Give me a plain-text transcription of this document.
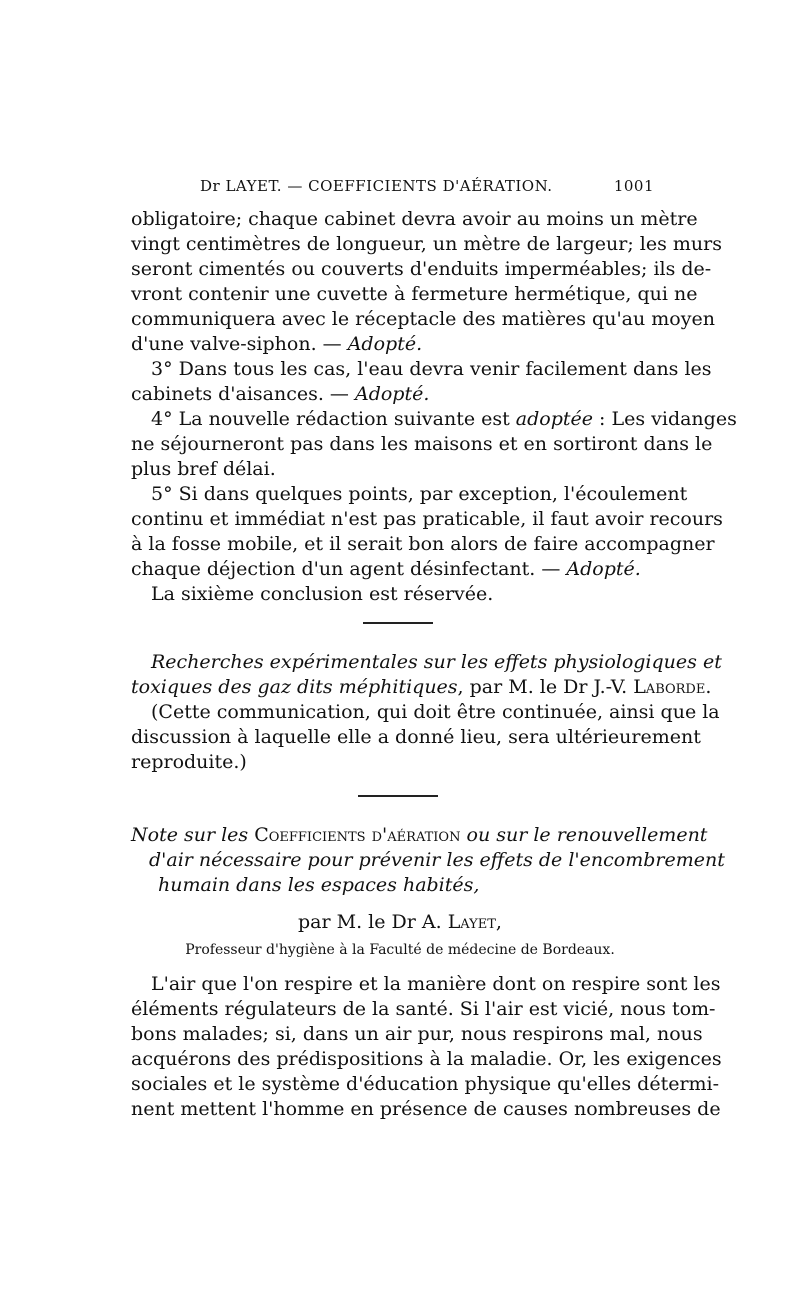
Dr LAYET. — COEFFICIENTS D'AÉRATION.	1001
obligatoire; chaque cabinet devra avoir au moins un mètre
vingt centimètres de longueur, un mètre de largeur; les murs
seront cimentés ou couverts d'enduits imperméables; ils de-
vront contenir une cuvette à fermeture hermétique, qui ne
communiquera avec le réceptacle des matières qu'au moyen
d'une valve-siphon. — Adopté.
3° Dans tous les cas, l'eau devra venir facilement dans les
cabinets d'aisances. — Adopté.
4° La nouvelle rédaction suivante est adoptée : Les vidanges
ne séjourneront pas dans les maisons et en sortiront dans le
plus bref délai.
5° Si dans quelques points, par exception, l'écoulement
continu et immédiat n'est pas praticable, il faut avoir recours
à la fosse mobile, et il serait bon alors de faire accompagner
chaque déjection d'un agent désinfectant. — Adopté.
La sixième conclusion est réservée.
Recherches expérimentales sur les effets physiologiques et
toxiques des gaz dits méphitiques, par M. le Dr J.-V. Laborde.
(Cette communication, qui doit être continuée, ainsi que la
discussion à laquelle elle a donné lieu, sera ultérieurement
reproduite.)
Note sur les Coefficients d'aération ou sur le renouvellement
d'air nécessaire pour prévenir les effets de l'encombrement
humain dans les espaces habités,
par M. le Dr A. Layet,
Professeur d'hygiène à la Faculté de médecine de Bordeaux.
L'air que l'on respire et la manière dont on respire sont les
éléments régulateurs de la santé. Si l'air est vicié, nous tom-
bons malades; si, dans un air pur, nous respirons mal, nous
acquérons des prédispositions à la maladie. Or, les exigences
sociales et le système d'éducation physique qu'elles détermi-
nent mettent l'homme en présence de causes nombreuses de
